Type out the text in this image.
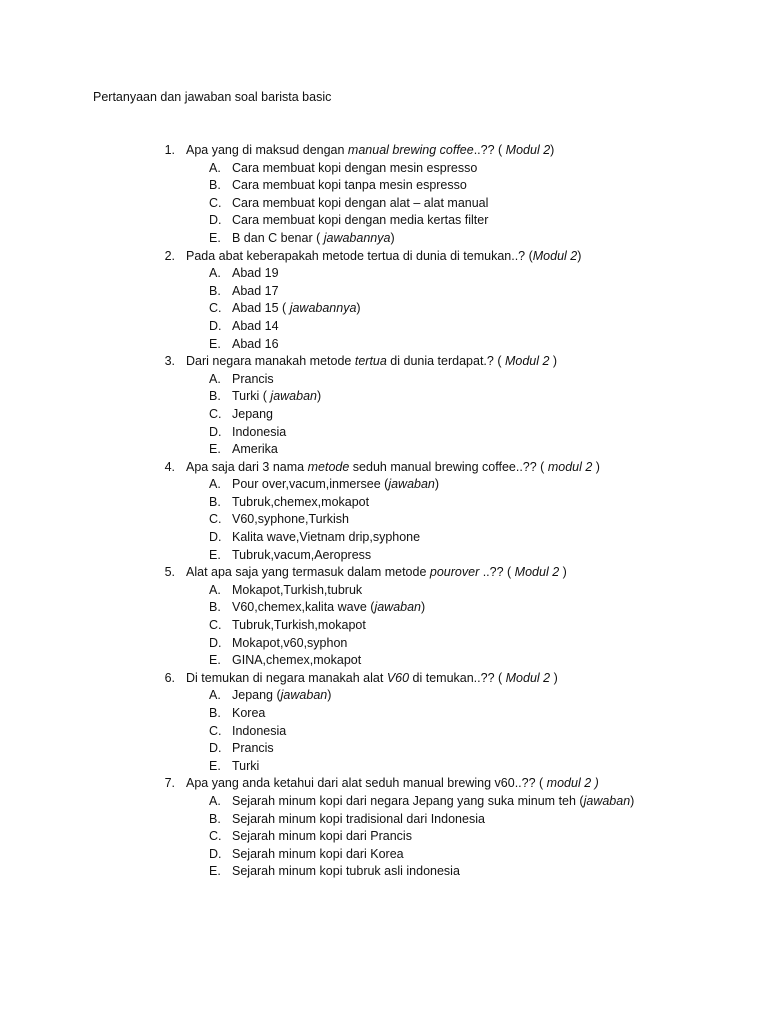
Pertanyaan dan jawaban soal barista basic
1. Apa yang di maksud dengan manual brewing coffee..?? ( Modul 2)
A. Cara membuat kopi dengan mesin espresso
B. Cara membuat kopi tanpa mesin espresso
C. Cara membuat kopi dengan alat – alat manual
D. Cara membuat kopi dengan media kertas filter
E. B dan C benar ( jawabannya)
2. Pada abat keberapakah metode tertua di dunia di temukan..? (Modul 2)
A. Abad 19
B. Abad 17
C. Abad 15 ( jawabannya)
D. Abad 14
E. Abad 16
3. Dari negara manakah metode tertua di dunia terdapat.? ( Modul 2 )
A. Prancis
B. Turki ( jawaban)
C. Jepang
D. Indonesia
E. Amerika
4. Apa saja dari 3 nama metode seduh manual brewing coffee..?? ( modul 2 )
A. Pour over,vacum,inmersee (jawaban)
B. Tubruk,chemex,mokapot
C. V60,syphone,Turkish
D. Kalita wave,Vietnam drip,syphone
E. Tubruk,vacum,Aeropress
5. Alat apa saja yang termasuk dalam metode pourover ..?? ( Modul 2 )
A. Mokapot,Turkish,tubruk
B. V60,chemex,kalita wave (jawaban)
C. Tubruk,Turkish,mokapot
D. Mokapot,v60,syphon
E. GINA,chemex,mokapot
6. Di temukan di negara manakah alat V60 di temukan..?? ( Modul 2 )
A. Jepang (jawaban)
B. Korea
C. Indonesia
D. Prancis
E. Turki
7. Apa yang anda ketahui dari alat seduh manual brewing v60..?? ( modul 2 )
A. Sejarah minum kopi dari negara Jepang yang suka minum teh (jawaban)
B. Sejarah minum kopi tradisional dari Indonesia
C. Sejarah minum kopi dari Prancis
D. Sejarah minum kopi dari Korea
E. Sejarah minum kopi tubruk asli indonesia
